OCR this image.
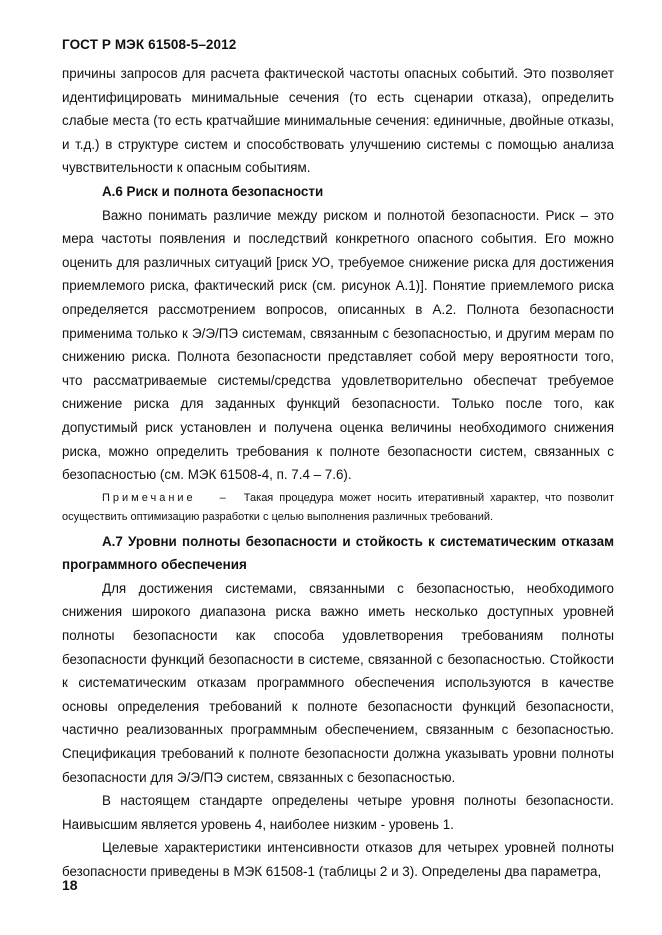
ГОСТ Р МЭК 61508-5–2012

причины запросов для расчета фактической частоты опасных событий. Это позволяет идентифицировать минимальные сечения (то есть сценарии отказа), определить слабые места (то есть кратчайшие минимальные сечения: единичные, двойные отказы, и т.д.) в структуре систем и способствовать улучшению системы с помощью анализа чувствительности к опасным событиям.

А.6 Риск и полнота безопасности

Важно понимать различие между риском и полнотой безопасности. Риск – это мера частоты появления и последствий конкретного опасного события. Его можно оценить для различных ситуаций [риск УО, требуемое снижение риска для достижения приемлемого риска, фактический риск (см. рисунок А.1)]. Понятие приемлемого риска определяется рассмотрением вопросов, описанных в А.2. Полнота безопасности применима только к Э/Э/ПЭ системам, связанным с безопасностью, и другим мерам по снижению риска. Полнота безопасности представляет собой меру вероятности того, что рассматриваемые системы/средства удовлетворительно обеспечат требуемое снижение риска для заданных функций безопасности. Только после того, как допустимый риск установлен и получена оценка величины необходимого снижения риска, можно определить требования к полноте безопасности систем, связанных с безопасностью (см. МЭК 61508-4, п. 7.4 – 7.6).

Примечание – Такая процедура может носить итеративный характер, что позволит осуществить оптимизацию разработки с целью выполнения различных требований.

А.7 Уровни полноты безопасности и стойкость к систематическим отказам программного обеспечения

Для достижения системами, связанными с безопасностью, необходимого снижения широкого диапазона риска важно иметь несколько доступных уровней полноты безопасности как способа удовлетворения требованиям полноты безопасности функций безопасности в системе, связанной с безопасностью. Стойкости к систематическим отказам программного обеспечения используются в качестве основы определения требований к полноте безопасности функций безопасности, частично реализованных программным обеспечением, связанным с безопасностью. Спецификация требований к полноте безопасности должна указывать уровни полноты безопасности для Э/Э/ПЭ систем, связанных с безопасностью.

В настоящем стандарте определены четыре уровня полноты безопасности. Наивысшим является уровень 4, наиболее низким - уровень 1.

Целевые характеристики интенсивности отказов для четырех уровней полноты безопасности приведены в МЭК 61508-1 (таблицы 2 и 3). Определены два параметра,

18
